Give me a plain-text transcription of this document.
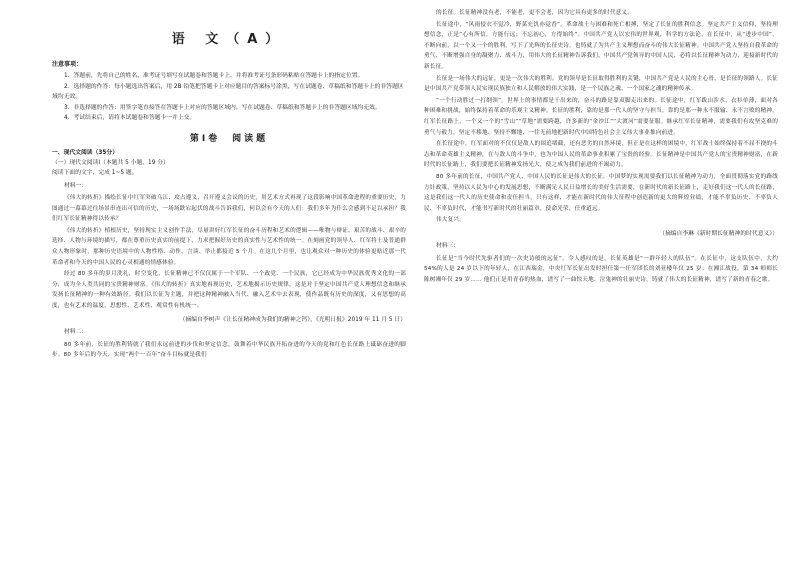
语 文（A）
注意事项：

1．答题前，先将自己的姓名、准考证号填写在试题卷和答题卡上，并将准考证号条形码粘贴在答题卡上的指定位置。

2．选择题的作答：每小题选出答案后，用 2B 铅笔把答题卡上对应题目的答案标号涂黑，写在试题卷、草稿纸和答题卡上的非答题区域均无效。

3．非选择题的作答：用签字笔直接答在答题卡上对应的答题区域内。写在试题卷、草稿纸和答题卡上的非答题区域均无效。

4．考试结束后，请将本试题卷和答题卡一并上交。

第Ⅰ卷　阅读题
一、现代文阅读（35分）
（一）现代文阅读Ⅰ（本题共 5 小题，19 分）
阅读下面的文字，完成 1~5 题。
材料一：

《伟大的转折》描绘长征中红军突破乌江、攻占遵义、召开遵义会议的历史，用艺术方式再现了这段影响中国革命进程的重要历史，力图通过一幕幕过往场景串连出可信的历史，一场场跌宕起伏的战斗告诉我们，何以会有今天的人们：我们多年为什么会感到不足以承担？我们红军长征精神得以传承？

《伟大的转折》植根历史，坚持现实主义创作手法，尽量讲好红军长征的奋斗历程和艺术的逻辑——唯物与辩证、艰苦的战斗、艰辛的选择、人物与环境的描写，都在尊重历史真实的前提下，力求把握好历史的真实性与艺术性的统一。在刻画党的领导人、红军将士及普通群众人物形象时，那种历史语境中的人物性格、动作、言谈、举止都接近 5 个月。在这几个月里，也让观众对一种历史的体验更贴近那一代革命者和今天的中国人民的心灵相通的情感体验。

经过 80 多年的岁月洗礼，时空变化，长征精神已不仅仅属于一个军队、一个政党、一个民族，它已经成为中华民族优秀文化的一部分，成为全人类共同的宝贵精神财富。《伟大的转折》真实地再现历史，艺术地揭示历史规律，这是对于坚定中国共产党人理想信念和继承发扬长征精神的一种有效路径。我们以长征为主题，并把这种精神融入当代、融入艺术中去表现，使作品既有历史的深度，又有思想的高度，也有艺术的温度，思想性、艺术性、观赏性有机统一。

（摘编自李树声《让长征精神成为我们的精神之钙》，《光明日报》2019 年 11 月 5 日）
材料二：

80 多年前，长征的胜利铸就了我们永远前进的步伐和坚定信念，鼓舞着中华民族开拓奋进的今天的党和红色长征路上砥砺奋进的脚步。80 多年后的今天，实现“两个一百年”奋斗目标就是我们

的长征。长征精神没有老，不能老，更不会老，因为它具有更多的时代意义。

长征途中，“风雨侵衣不觉冷，野菜充饥亦觉香”，革命战士与困难和死亡相搏，坚定了长征的胜利信念。坚定共产主义信仰，坚持理想信念，正是“心有所信，方能行远；不忘初心，方得始终”。中国共产党人以宏伟的世界观，科学的方法论，在长征中，从“进步中国”，不断向前，以一个又一个的胜利，写下了光辉的长征史诗，也铸就了为共产主义理想而奋斗的伟大长征精神。中国共产党人坚持自我革命的勇气，不断增强自身的凝聚力、战斗力，用伟大的长征精神告诉我们，中国共产党领导的中国人民，必将以长征精神为动力，迎接新时代的新长征。

长征是一场伟大的远征，更是一次伟大的胜利。党的领导是长征取得胜利的关键，中国共产党是人民的主心骨，是长征的领路人。长征是中国共产党带领人民实现民族独立和人民解放的伟大实践，是一个民族之魂、一个国家之魂的精神传承。

“一个行动胜过一打纲领”。世界上的事情都是干出来的，奋斗的路是靠双脚走出来的。长征途中，红军跋山涉水，衣衫单薄，面对各种困难和挑战，始终保持着革命的乐观主义精神。长征的胜利，靠的是那一代人的坚守与担当，靠的是那一种永不服输、永不言败的精神。红军长征路上，一个又一个的“雪山”“草地”需要跨越，许多新的“金沙江”“大渡河”需要征服。继承红军长征精神，需要我们有攻坚克难的勇气与毅力，坚定不移地、坚持不懈地、一往无前地把新时代中国特色社会主义伟大事业推向前进。

在长征途中，红军面对的不仅仅是敌人的围追堵截，还有恶劣的自然环境，但正是在这样的困境中，红军战士始终保持着不屈不挠的斗志和革命英雄主义精神，在与敌人的斗争中，也为中国人民的革命事业积累了宝贵的经验。长征精神是中国共产党人的宝贵精神财富，在新时代的长征路上，我们要把长征精神发扬光大，使之成为我们前进的不竭动力。

80 多年前的长征，中国共产党人、中国人民的长征是伟大的长征。中国梦的实现需要我们以长征精神为动力，全面贯彻落实党的路线方针政策，坚持以人民为中心的发展思想，不断满足人民日益增长的美好生活需要，在新时代的新长征路上，走好我们这一代人的长征路，这是我们这一代人的历史使命和责任担当，只有这样，才能在新时代的伟大征程中创造新的更大的辉煌业绩，才能不辜负历史、不辜负人民、不辜负时代，才能书写新时代的壮丽篇章，使命光荣，任重道远。

伟大复兴。

（摘编自李琳《新时期长征精神的时代意义》）
材料三：

长征是“当今时代先驱者们的一次史诗般的远征”。令人感叹的是，长征英雄是“一群年轻人的队伍”。在长征中，这支队伍中，大约 54%的人是 24 岁以下的年轻人，在江西瑞金，中央红军长征出发时担任第一任军团长的刘亚楼年仅 25 岁；在湘江战役，第 34 师师长陈树湘年仅 29 岁…… 他们正是用青春的热血，谱写了一曲惊天地、泣鬼神的壮丽史诗，铸就了伟大的长征精神，谱写了新的青春之歌。
